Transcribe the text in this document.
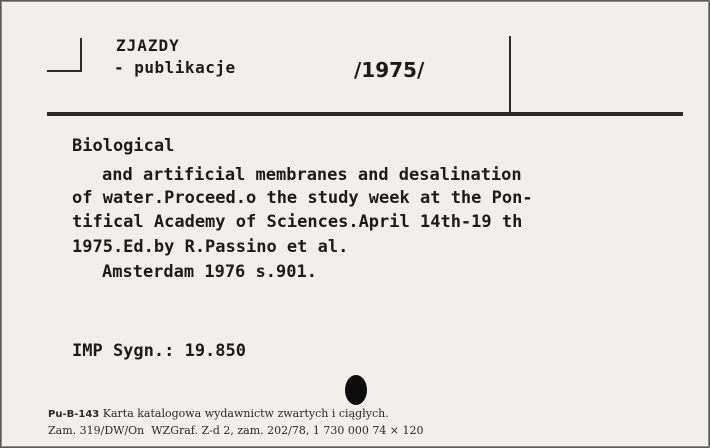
ZJAZDY
- publikacje	/1975/
Biological
and artificial membranes and desalination
of water.Proceed.o the study week at the Pon-
tifical Academy of Sciences.April 14th-19 th
1975.Ed.by R.Passino et al.
Amsterdam 1976 s.901.
IMP Sygn.: 19.850
Pu-B-143 Karta katalogowa wydawnictw zwartych i ciągłych.
Zam. 319/DW/On  WZGraf. Z-d 2, zam. 202/78, 1 730 000 74 × 120
